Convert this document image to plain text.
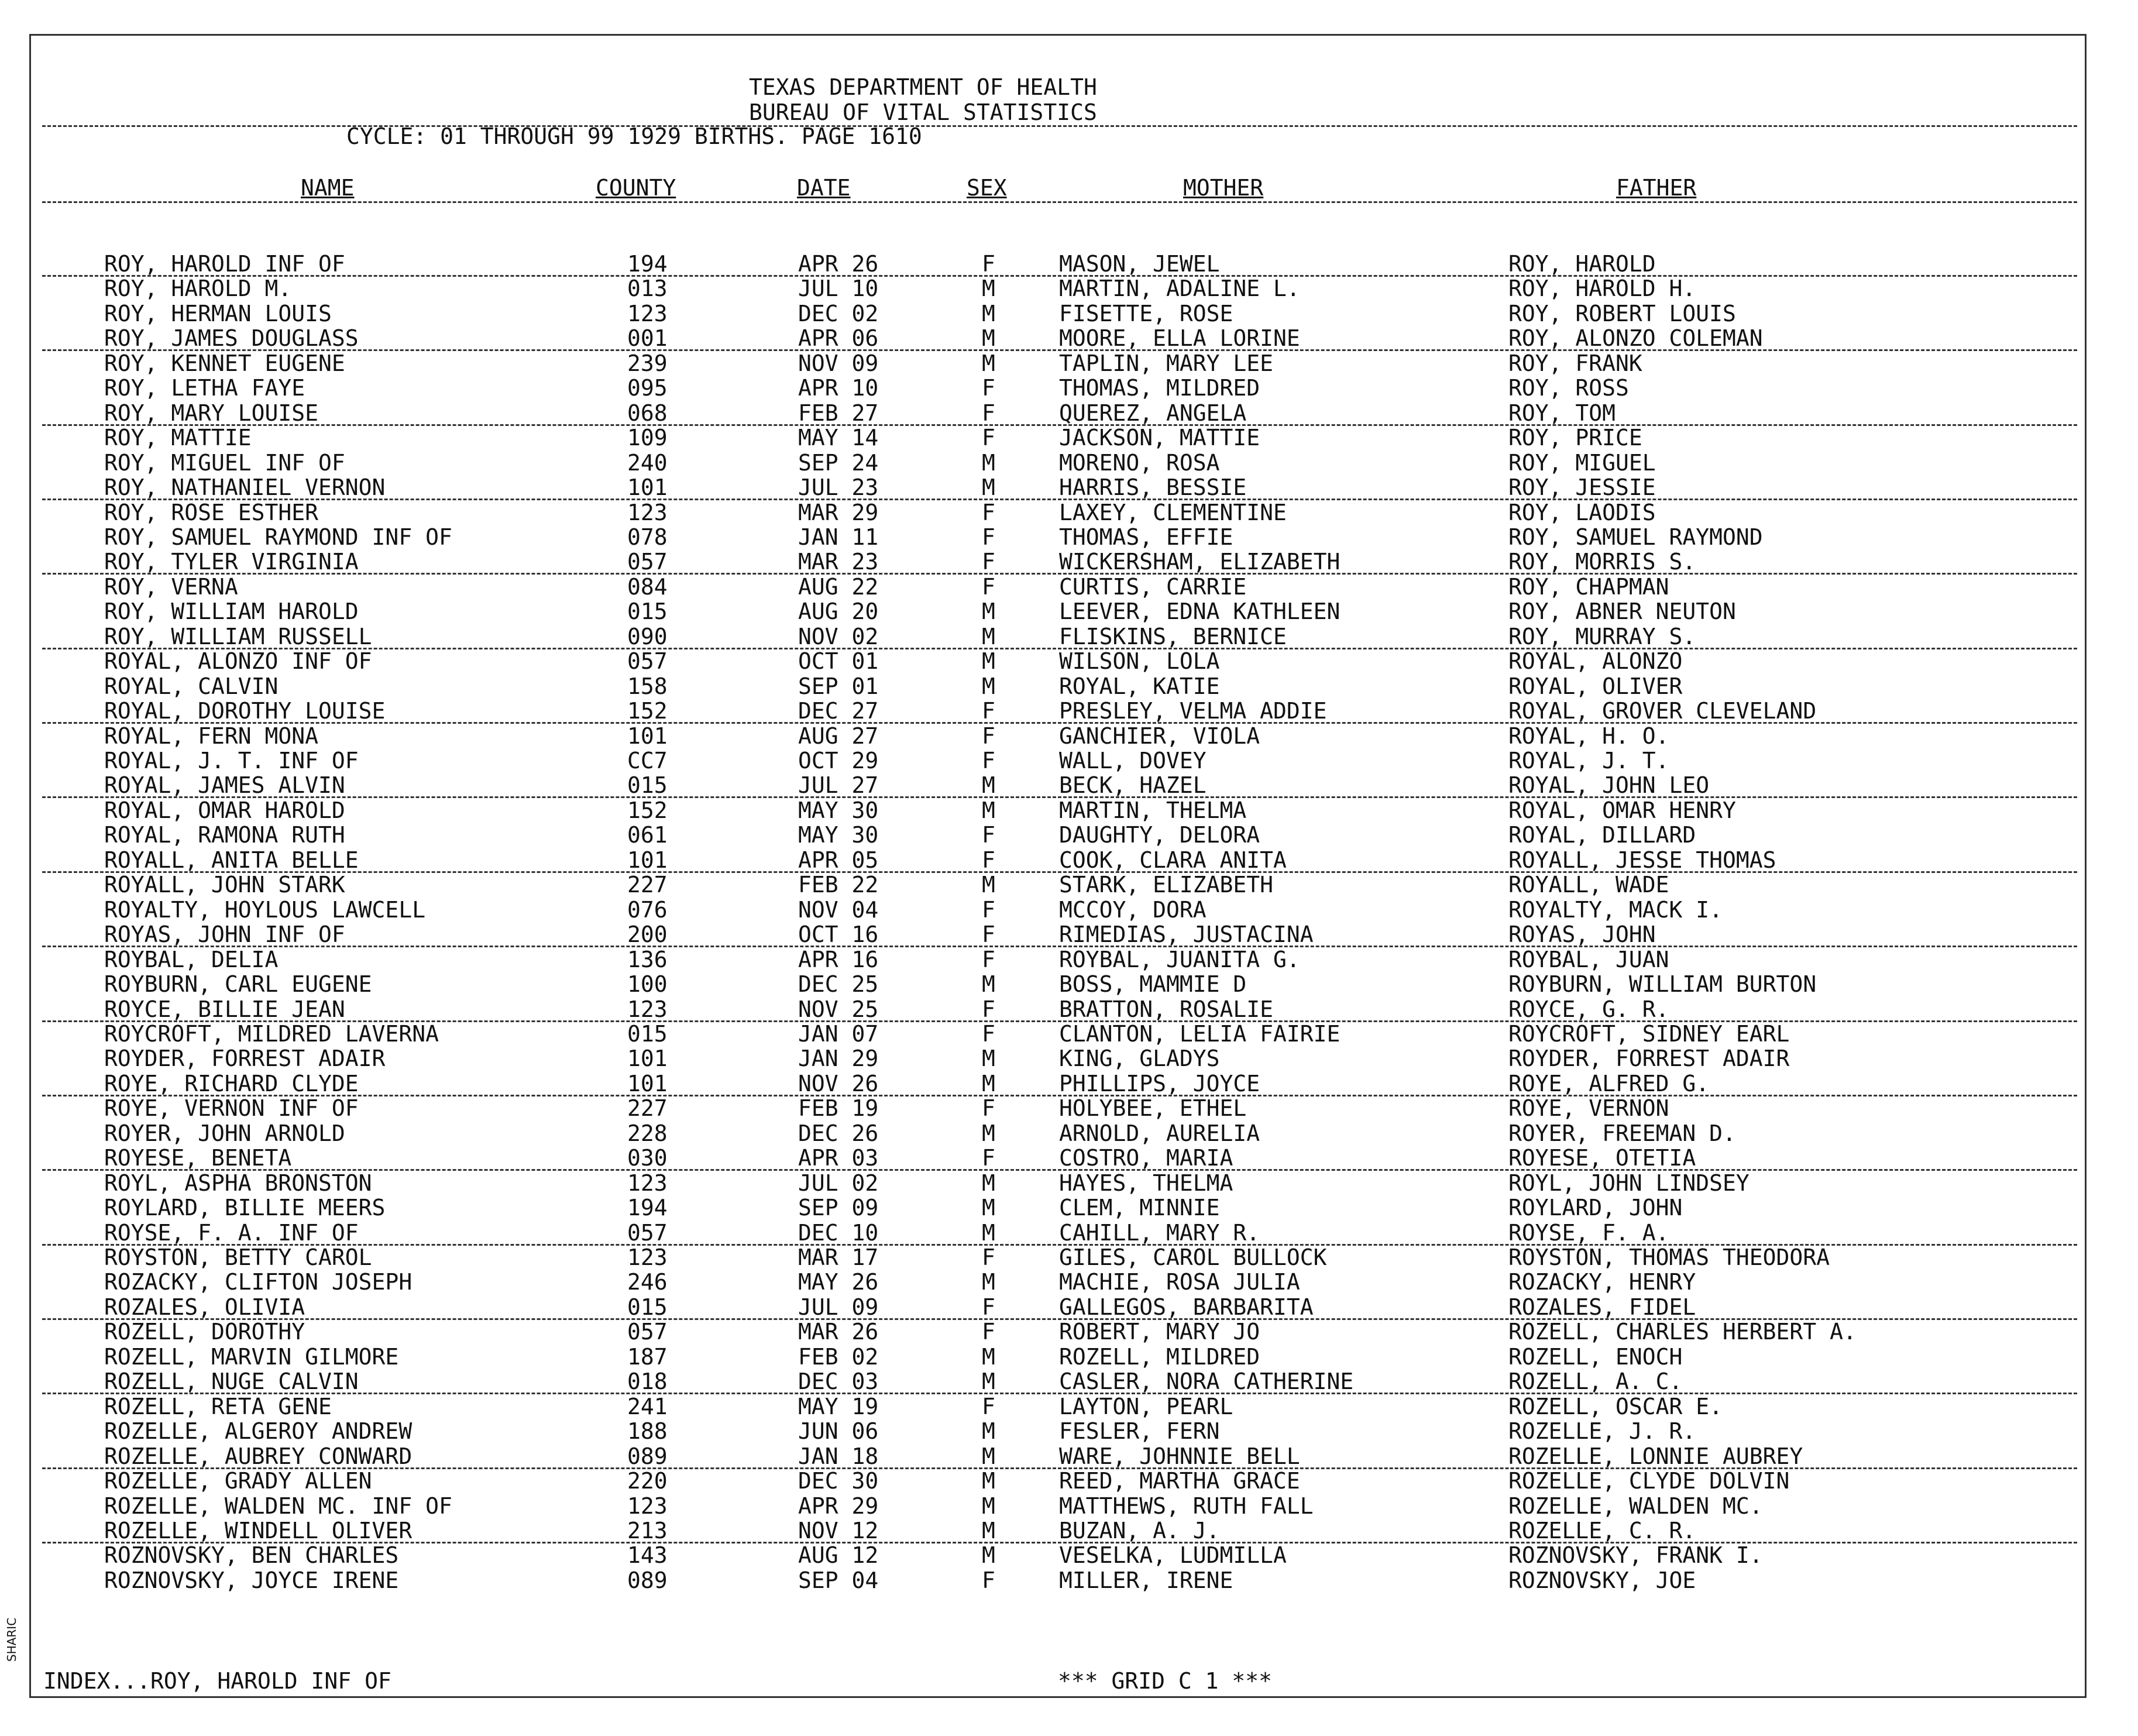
SHARIC
TEXAS DEPARTMENT OF HEALTH
BUREAU OF VITAL STATISTICS
CYCLE: 01 THROUGH 99 1929 BIRTHS. PAGE 1610
NAME	COUNTY	DATE	SEX	MOTHER	FATHER
ROY, HAROLD INF OF	194	APR 26	F	MASON, JEWEL	ROY, HAROLD
ROY, HAROLD M.	013	JUL 10	M	MARTIN, ADALINE L.	ROY, HAROLD H.
ROY, HERMAN LOUIS	123	DEC 02	M	FISETTE, ROSE	ROY, ROBERT LOUIS
ROY, JAMES DOUGLASS	001	APR 06	M	MOORE, ELLA LORINE	ROY, ALONZO COLEMAN
ROY, KENNET EUGENE	239	NOV 09	M	TAPLIN, MARY LEE	ROY, FRANK
ROY, LETHA FAYE	095	APR 10	F	THOMAS, MILDRED	ROY, ROSS
ROY, MARY LOUISE	068	FEB 27	F	QUEREZ, ANGELA	ROY, TOM
ROY, MATTIE	109	MAY 14	F	JACKSON, MATTIE	ROY, PRICE
ROY, MIGUEL INF OF	240	SEP 24	M	MORENO, ROSA	ROY, MIGUEL
ROY, NATHANIEL VERNON	101	JUL 23	M	HARRIS, BESSIE	ROY, JESSIE
ROY, ROSE ESTHER	123	MAR 29	F	LAXEY, CLEMENTINE	ROY, LAODIS
ROY, SAMUEL RAYMOND INF OF	078	JAN 11	F	THOMAS, EFFIE	ROY, SAMUEL RAYMOND
ROY, TYLER VIRGINIA	057	MAR 23	F	WICKERSHAM, ELIZABETH	ROY, MORRIS S.
ROY, VERNA	084	AUG 22	F	CURTIS, CARRIE	ROY, CHAPMAN
ROY, WILLIAM HAROLD	015	AUG 20	M	LEEVER, EDNA KATHLEEN	ROY, ABNER NEUTON
ROY, WILLIAM RUSSELL	090	NOV 02	M	FLISKINS, BERNICE	ROY, MURRAY S.
ROYAL, ALONZO INF OF	057	OCT 01	M	WILSON, LOLA	ROYAL, ALONZO
ROYAL, CALVIN	158	SEP 01	M	ROYAL, KATIE	ROYAL, OLIVER
ROYAL, DOROTHY LOUISE	152	DEC 27	F	PRESLEY, VELMA ADDIE	ROYAL, GROVER CLEVELAND
ROYAL, FERN MONA	101	AUG 27	F	GANCHIER, VIOLA	ROYAL, H. O.
ROYAL, J. T. INF OF	CC7	OCT 29	F	WALL, DOVEY	ROYAL, J. T.
ROYAL, JAMES ALVIN	015	JUL 27	M	BECK, HAZEL	ROYAL, JOHN LEO
ROYAL, OMAR HAROLD	152	MAY 30	M	MARTIN, THELMA	ROYAL, OMAR HENRY
ROYAL, RAMONA RUTH	061	MAY 30	F	DAUGHTY, DELORA	ROYAL, DILLARD
ROYALL, ANITA BELLE	101	APR 05	F	COOK, CLARA ANITA	ROYALL, JESSE THOMAS
ROYALL, JOHN STARK	227	FEB 22	M	STARK, ELIZABETH	ROYALL, WADE
ROYALTY, HOYLOUS LAWCELL	076	NOV 04	F	MCCOY, DORA	ROYALTY, MACK I.
ROYAS, JOHN INF OF	200	OCT 16	F	RIMEDIAS, JUSTACINA	ROYAS, JOHN
ROYBAL, DELIA	136	APR 16	F	ROYBAL, JUANITA G.	ROYBAL, JUAN
ROYBURN, CARL EUGENE	100	DEC 25	M	BOSS, MAMMIE D	ROYBURN, WILLIAM BURTON
ROYCE, BILLIE JEAN	123	NOV 25	F	BRATTON, ROSALIE	ROYCE, G. R.
ROYCROFT, MILDRED LAVERNA	015	JAN 07	F	CLANTON, LELIA FAIRIE	ROYCROFT, SIDNEY EARL
ROYDER, FORREST ADAIR	101	JAN 29	M	KING, GLADYS	ROYDER, FORREST ADAIR
ROYE, RICHARD CLYDE	101	NOV 26	M	PHILLIPS, JOYCE	ROYE, ALFRED G.
ROYE, VERNON INF OF	227	FEB 19	F	HOLYBEE, ETHEL	ROYE, VERNON
ROYER, JOHN ARNOLD	228	DEC 26	M	ARNOLD, AURELIA	ROYER, FREEMAN D.
ROYESE, BENETA	030	APR 03	F	COSTRO, MARIA	ROYESE, OTETIA
ROYL, ASPHA BRONSTON	123	JUL 02	M	HAYES, THELMA	ROYL, JOHN LINDSEY
ROYLARD, BILLIE MEERS	194	SEP 09	M	CLEM, MINNIE	ROYLARD, JOHN
ROYSE, F. A. INF OF	057	DEC 10	M	CAHILL, MARY R.	ROYSE, F. A.
ROYSTON, BETTY CAROL	123	MAR 17	F	GILES, CAROL BULLOCK	ROYSTON, THOMAS THEODORA
ROZACKY, CLIFTON JOSEPH	246	MAY 26	M	MACHIE, ROSA JULIA	ROZACKY, HENRY
ROZALES, OLIVIA	015	JUL 09	F	GALLEGOS, BARBARITA	ROZALES, FIDEL
ROZELL, DOROTHY	057	MAR 26	F	ROBERT, MARY JO	ROZELL, CHARLES HERBERT A.
ROZELL, MARVIN GILMORE	187	FEB 02	M	ROZELL, MILDRED	ROZELL, ENOCH
ROZELL, NUGE CALVIN	018	DEC 03	M	CASLER, NORA CATHERINE	ROZELL, A. C.
ROZELL, RETA GENE	241	MAY 19	F	LAYTON, PEARL	ROZELL, OSCAR E.
ROZELLE, ALGEROY ANDREW	188	JUN 06	M	FESLER, FERN	ROZELLE, J. R.
ROZELLE, AUBREY CONWARD	089	JAN 18	M	WARE, JOHNNIE BELL	ROZELLE, LONNIE AUBREY
ROZELLE, GRADY ALLEN	220	DEC 30	M	REED, MARTHA GRACE	ROZELLE, CLYDE DOLVIN
ROZELLE, WALDEN MC. INF OF	123	APR 29	M	MATTHEWS, RUTH FALL	ROZELLE, WALDEN MC.
ROZELLE, WINDELL OLIVER	213	NOV 12	M	BUZAN, A. J.	ROZELLE, C. R.
ROZNOVSKY, BEN CHARLES	143	AUG 12	M	VESELKA, LUDMILLA	ROZNOVSKY, FRANK I.
ROZNOVSKY, JOYCE IRENE	089	SEP 04	F	MILLER, IRENE	ROZNOVSKY, JOE
INDEX...ROY, HAROLD INF OF	*** GRID C 1 ***
